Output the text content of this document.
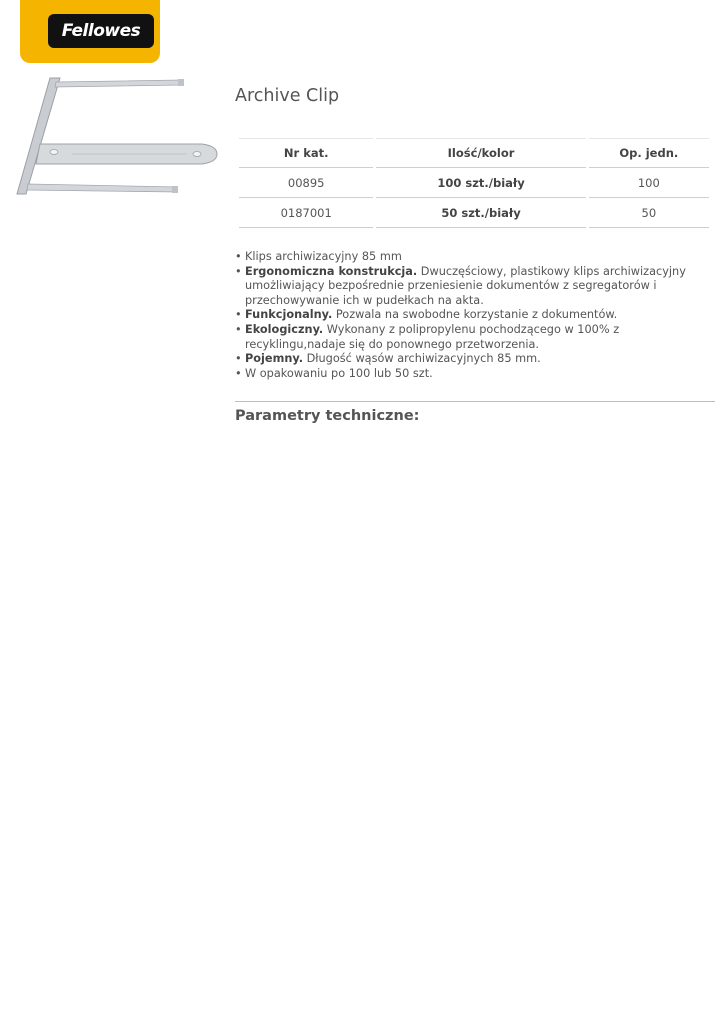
Fellowes
Archive Clip
Nr kat.	Ilość/kolor	Op. jedn.
00895	100 szt./biały	100
0187001	50 szt./biały	50
• Klips archiwizacyjny 85 mm
• Ergonomiczna konstrukcja. Dwuczęściowy, plastikowy klips archiwizacyjny umożliwiający bezpośrednie przeniesienie dokumentów z segregatorów i przechowywanie ich w pudełkach na akta.
• Funkcjonalny. Pozwala na swobodne korzystanie z dokumentów.
• Ekologiczny. Wykonany z polipropylenu pochodzącego w 100% z recyklingu,nadaje się do ponownego przetworzenia.
• Pojemny. Długość wąsów archiwizacyjnych 85 mm.
• W opakowaniu po 100 lub 50 szt.
Parametry techniczne:
